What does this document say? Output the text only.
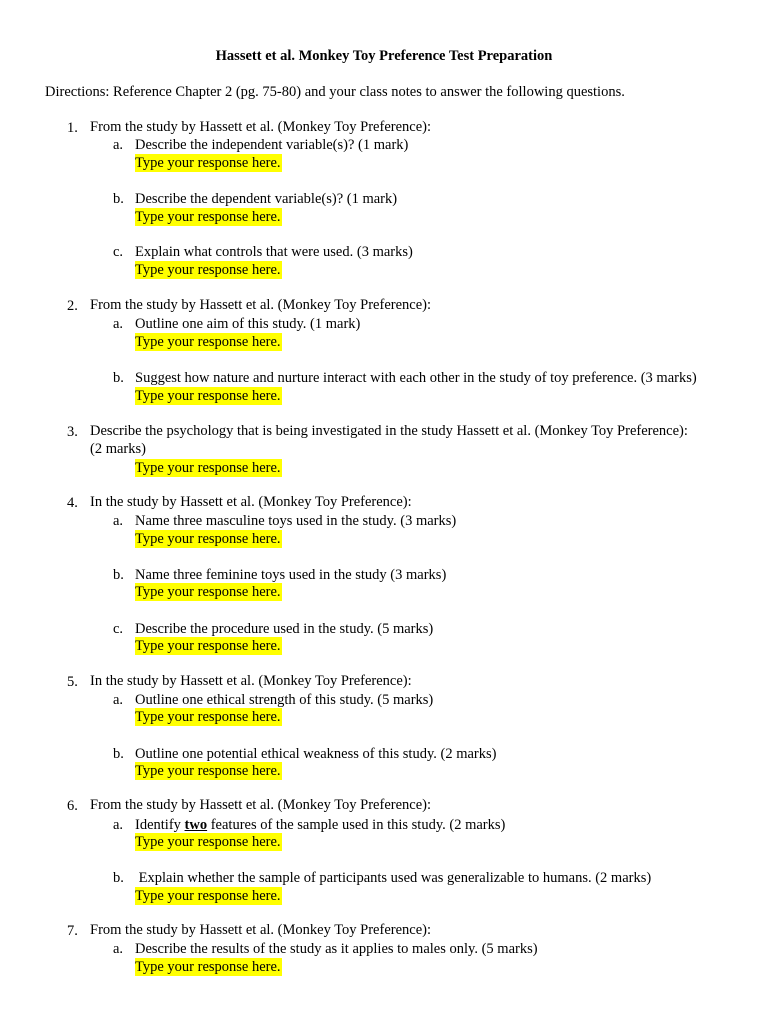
Hassett et al. Monkey Toy Preference Test Preparation
Directions: Reference Chapter 2 (pg. 75-80) and your class notes to answer the following questions.
1. From the study by Hassett et al. (Monkey Toy Preference):
a. Describe the independent variable(s)? (1 mark)
Type your response here.
b. Describe the dependent variable(s)? (1 mark)
Type your response here.
c. Explain what controls that were used. (3 marks)
Type your response here.
2. From the study by Hassett et al. (Monkey Toy Preference):
a. Outline one aim of this study. (1 mark)
Type your response here.
b. Suggest how nature and nurture interact with each other in the study of toy preference. (3 marks)
Type your response here.
3. Describe the psychology that is being investigated in the study Hassett et al. (Monkey Toy Preference):
(2 marks)
Type your response here.
4. In the study by Hassett et al. (Monkey Toy Preference):
a. Name three masculine toys used in the study. (3 marks)
Type your response here.
b. Name three feminine toys used in the study (3 marks)
Type your response here.
c. Describe the procedure used in the study. (5 marks)
Type your response here.
5. In the study by Hassett et al. (Monkey Toy Preference):
a. Outline one ethical strength of this study. (5 marks)
Type your response here.
b. Outline one potential ethical weakness of this study. (2 marks)
Type your response here.
6. From the study by Hassett et al. (Monkey Toy Preference):
a. Identify two features of the sample used in this study. (2 marks)
Type your response here.
b. Explain whether the sample of participants used was generalizable to humans. (2 marks)
Type your response here.
7. From the study by Hassett et al. (Monkey Toy Preference):
a. Describe the results of the study as it applies to males only. (5 marks)
Type your response here.
